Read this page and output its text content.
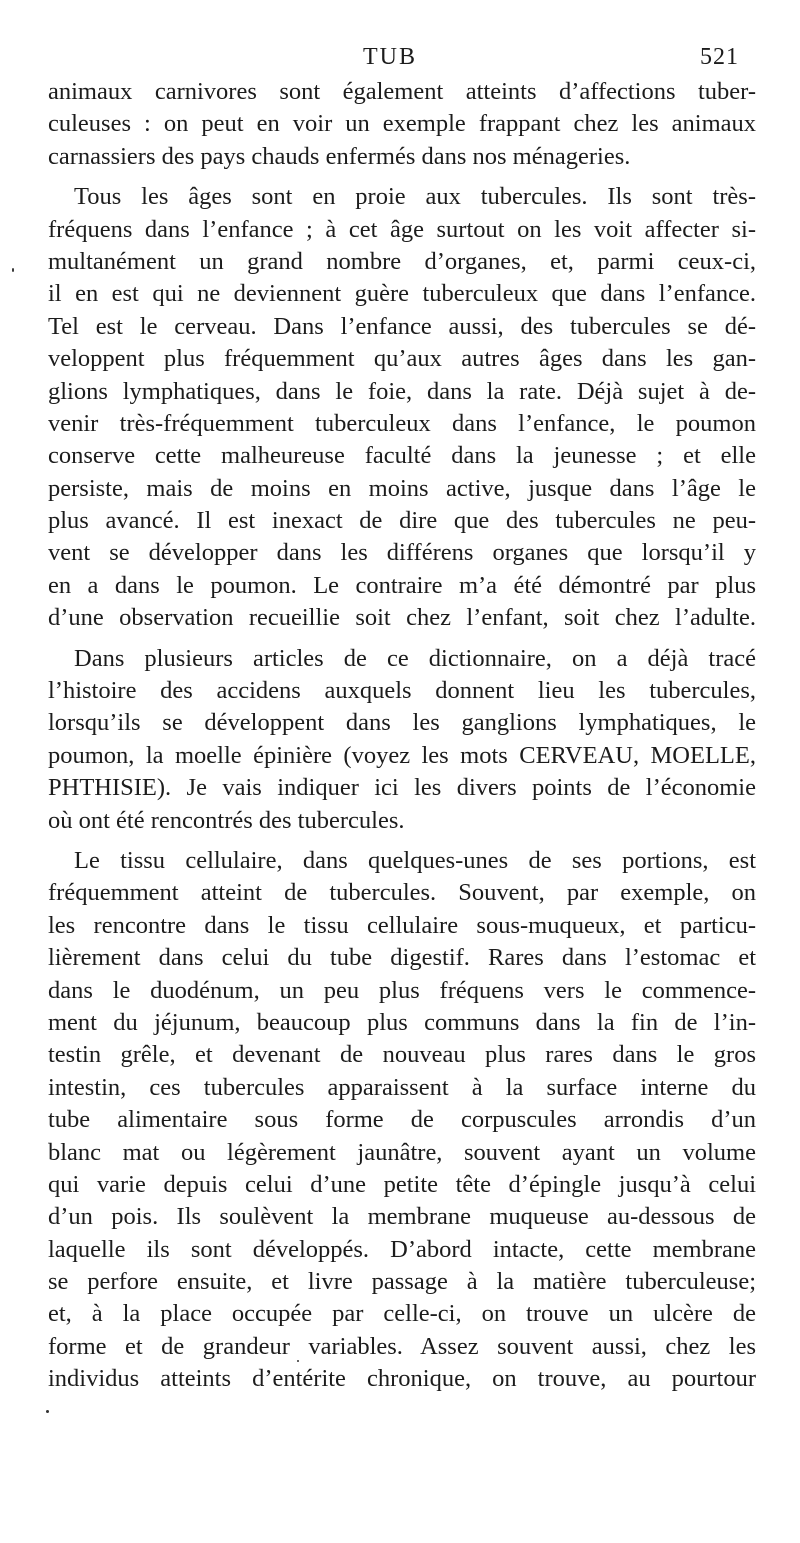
TUB	521
animaux carnivores sont également atteints d’affections tuber-
culeuses : on peut en voir un exemple frappant chez les animaux
carnassiers des pays chauds enfermés dans nos ménageries.
Tous les âges sont en proie aux tubercules. Ils sont très-
fréquens dans l’enfance ; à cet âge surtout on les voit affecter si-
multanément un grand nombre d’organes, et, parmi ceux-ci,
il en est qui ne deviennent guère tuberculeux que dans l’enfance.
Tel est le cerveau. Dans l’enfance aussi, des tubercules se dé-
veloppent plus fréquemment qu’aux autres âges dans les gan-
glions lymphatiques, dans le foie, dans la rate. Déjà sujet à de-
venir très-fréquemment tuberculeux dans l’enfance, le poumon
conserve cette malheureuse faculté dans la jeunesse ; et elle
persiste, mais de moins en moins active, jusque dans l’âge le
plus avancé. Il est inexact de dire que des tubercules ne peu-
vent se développer dans les différens organes que lorsqu’il y
en a dans le poumon. Le contraire m’a été démontré par plus
d’une observation recueillie soit chez l’enfant, soit chez l’adulte.
Dans plusieurs articles de ce dictionnaire, on a déjà tracé
l’histoire des accidens auxquels donnent lieu les tubercules,
lorsqu’ils se développent dans les ganglions lymphatiques, le
poumon, la moelle épinière (voyez les mots CERVEAU, MOELLE,
PHTHISIE). Je vais indiquer ici les divers points de l’économie
où ont été rencontrés des tubercules.
Le tissu cellulaire, dans quelques-unes de ses portions, est
fréquemment atteint de tubercules. Souvent, par exemple, on
les rencontre dans le tissu cellulaire sous-muqueux, et particu-
lièrement dans celui du tube digestif. Rares dans l’estomac et
dans le duodénum, un peu plus fréquens vers le commence-
ment du jéjunum, beaucoup plus communs dans la fin de l’in-
testin grêle, et devenant de nouveau plus rares dans le gros
intestin, ces tubercules apparaissent à la surface interne du
tube alimentaire sous forme de corpuscules arrondis d’un
blanc mat ou légèrement jaunâtre, souvent ayant un volume
qui varie depuis celui d’une petite tête d’épingle jusqu’à celui
d’un pois. Ils soulèvent la membrane muqueuse au-dessous de
laquelle ils sont développés. D’abord intacte, cette membrane
se perfore ensuite, et livre passage à la matière tuberculeuse;
et, à la place occupée par celle-ci, on trouve un ulcère de
forme et de grandeur variables. Assez souvent aussi, chez les
individus atteints d’entérite chronique, on trouve, au pourtour
